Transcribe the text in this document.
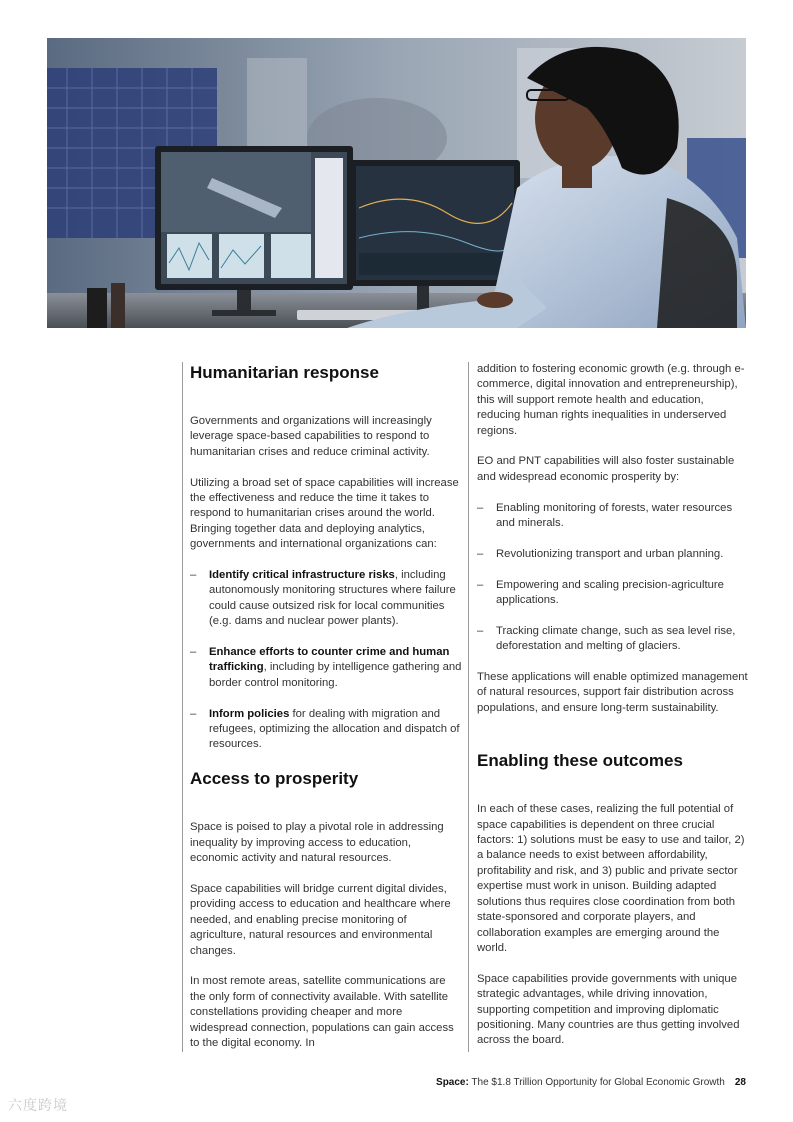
Humanitarian response

Governments and organizations will increasingly leverage space-based capabilities to respond to humanitarian crises and reduce criminal activity.

Utilizing a broad set of space capabilities will increase the effectiveness and reduce the time it takes to respond to humanitarian crises around the world. Bringing together data and deploying analytics, governments and international organizations can:

– Identify critical infrastructure risks, including autonomously monitoring structures where failure could cause outsized risk for local communities (e.g. dams and nuclear power plants).
– Enhance efforts to counter crime and human trafficking, including by intelligence gathering and border control monitoring.
– Inform policies for dealing with migration and refugees, optimizing the allocation and dispatch of resources.
Access to prosperity

Space is poised to play a pivotal role in addressing inequality by improving access to education, economic activity and natural resources.

Space capabilities will bridge current digital divides, providing access to education and healthcare where needed, and enabling precise monitoring of agriculture, natural resources and environmental changes.

In most remote areas, satellite communications are the only form of connectivity available. With satellite constellations providing cheaper and more widespread connection, populations can gain access to the digital economy. In

addition to fostering economic growth (e.g. through e-commerce, digital innovation and entrepreneurship), this will support remote health and education, reducing human rights inequalities in underserved regions.

EO and PNT capabilities will also foster sustainable and widespread economic prosperity by:

– Enabling monitoring of forests, water resources and minerals.
– Revolutionizing transport and urban planning.
– Empowering and scaling precision-agriculture applications.
– Tracking climate change, such as sea level rise, deforestation and melting of glaciers.

These applications will enable optimized management of natural resources, support fair distribution across populations, and ensure long-term sustainability.

Enabling these outcomes

In each of these cases, realizing the full potential of space capabilities is dependent on three crucial factors: 1) solutions must be easy to use and tailor, 2) a balance needs to exist between affordability, profitability and risk, and 3) public and private sector expertise must work in unison. Building adapted solutions thus requires close coordination from both state-sponsored and corporate players, and collaboration examples are emerging around the world.

Space capabilities provide governments with unique strategic advantages, while driving innovation, supporting competition and improving diplomatic positioning. Many countries are thus getting involved across the board.

Space: The $1.8 Trillion Opportunity for Global Economic Growth 28
六度跨境
